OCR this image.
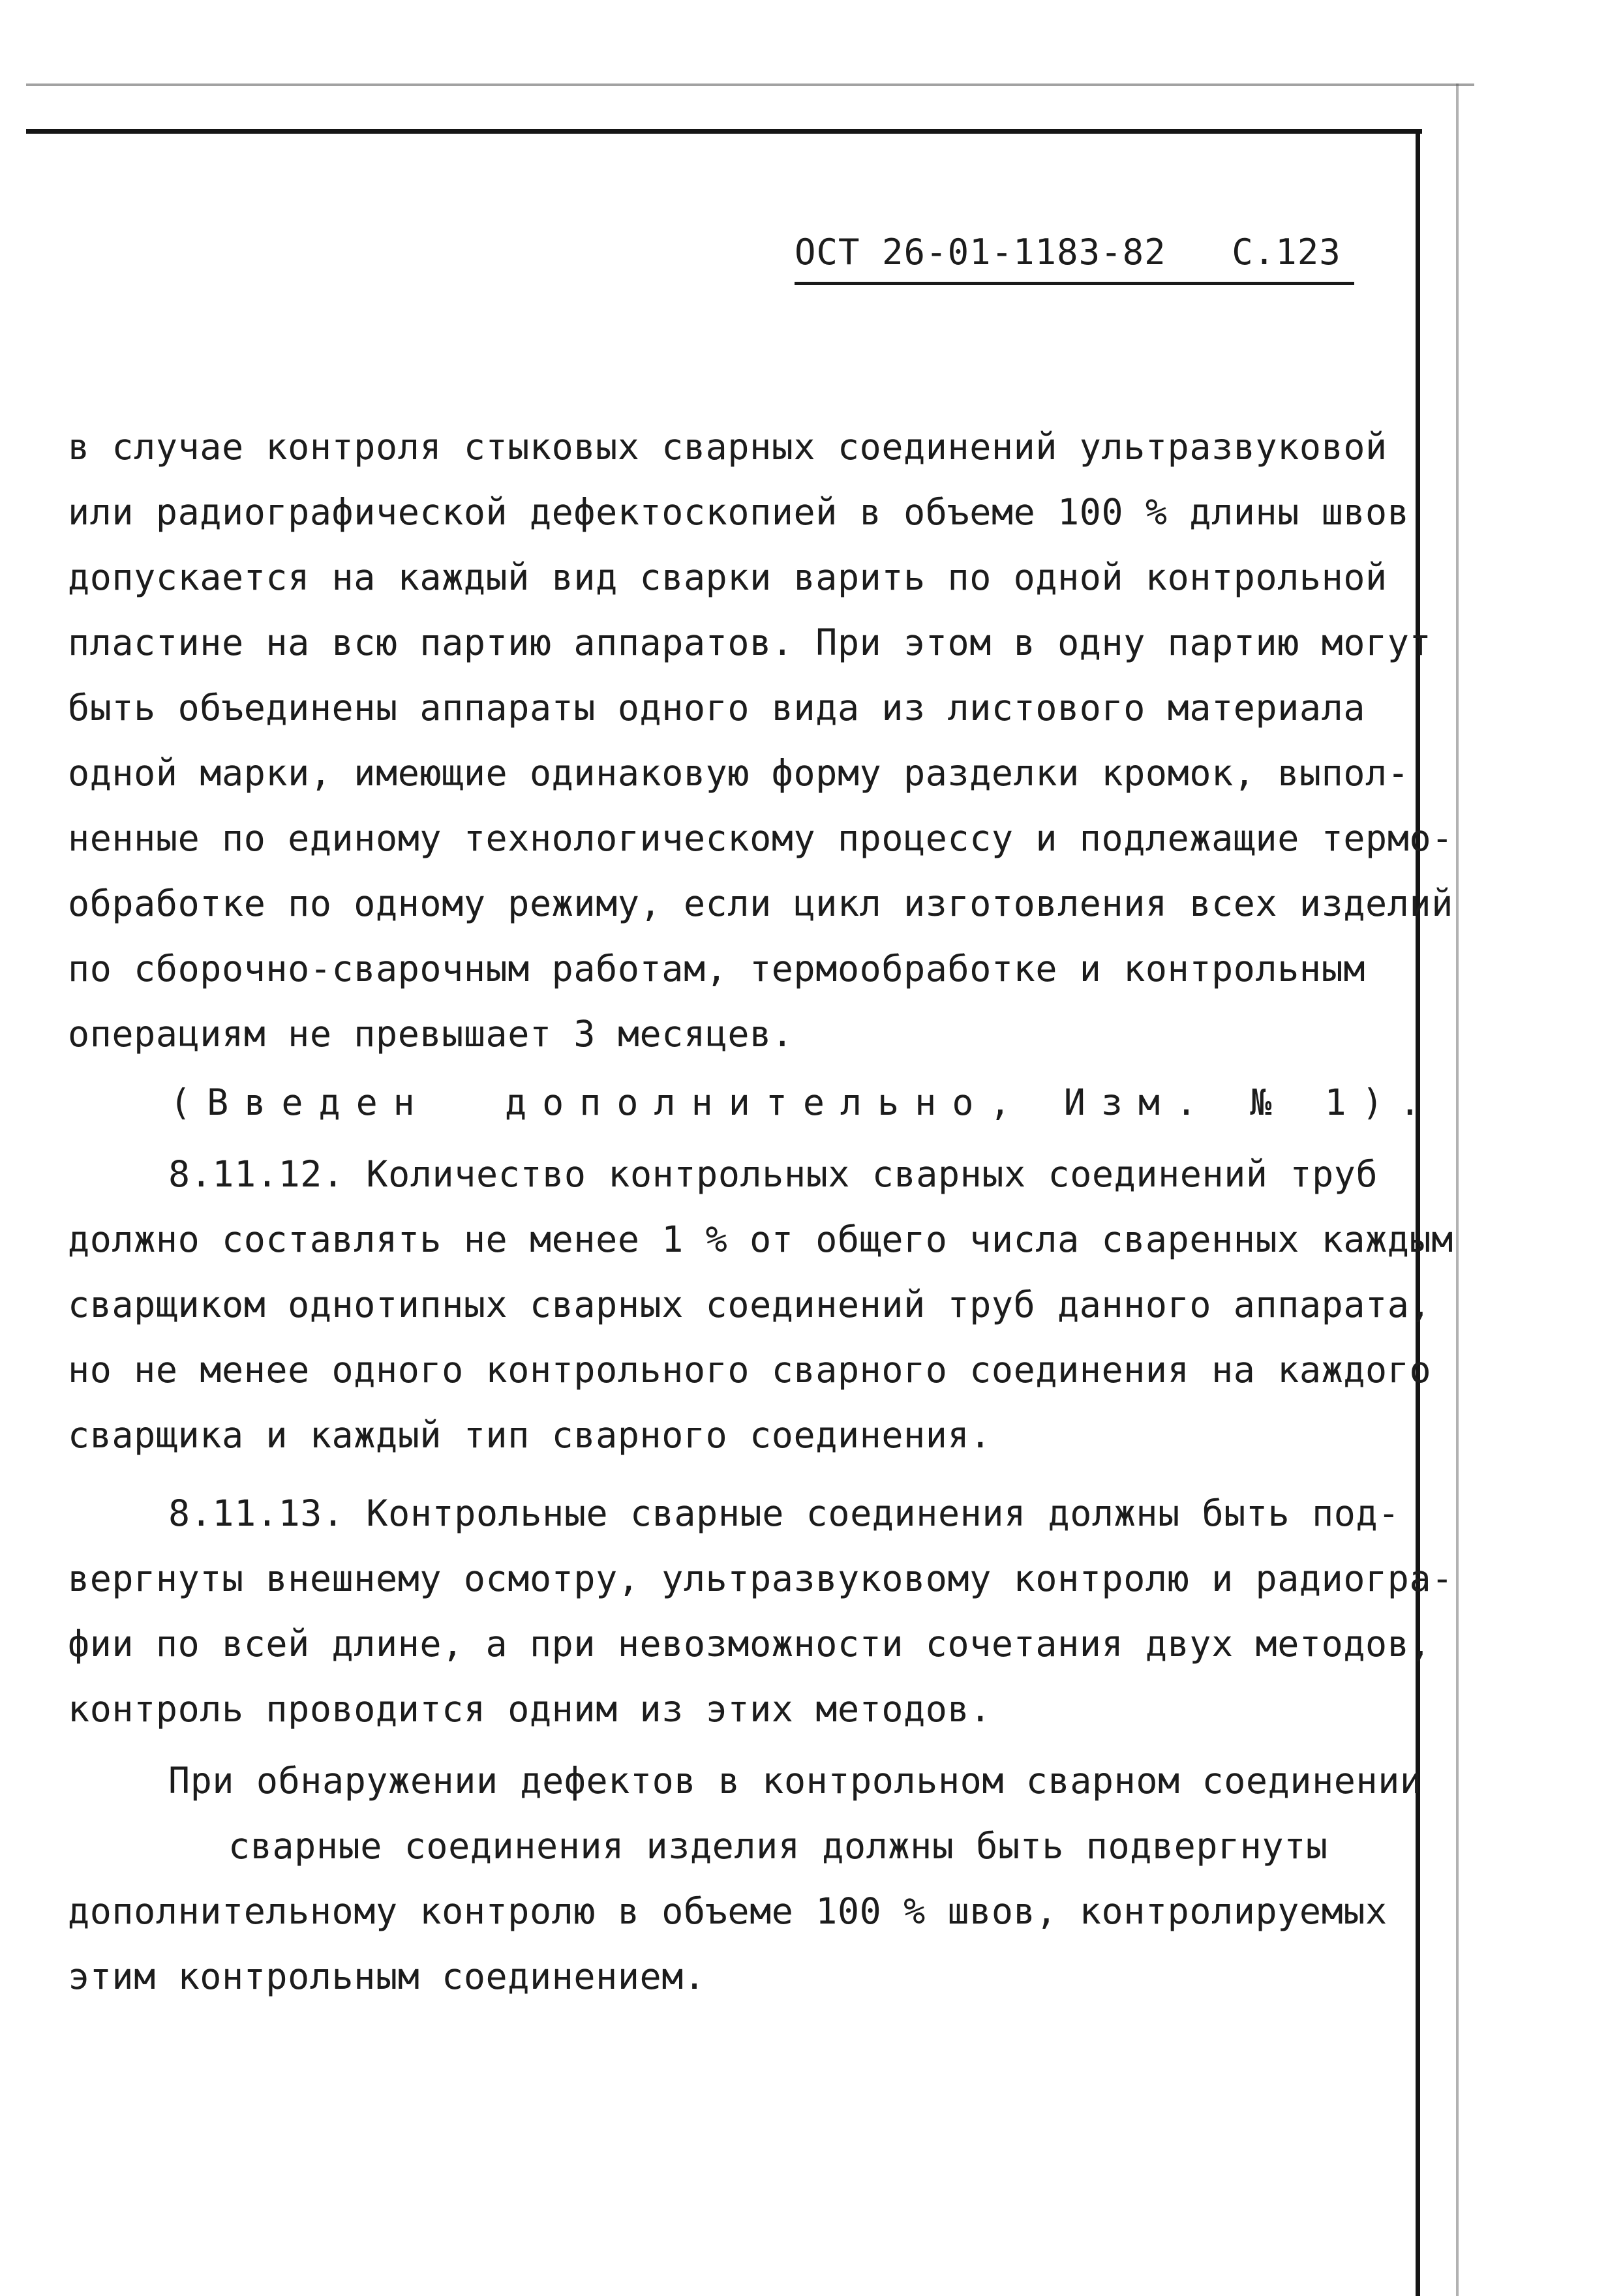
ОСТ 26-01-1183-82 С.123
в случае контроля стыковых сварных соединений ультразвуковой
или радиографической дефектоскопией в объеме 100 % длины швов
допускается на каждый вид сварки варить по одной контрольной
пластине на всю партию аппаратов. При этом в одну партию могут
быть объединены аппараты одного вида из листового материала
одной марки, имеющие одинаковую форму разделки кромок, выпол-
ненные по единому технологическому процессу и подлежащие термо-
обработке по одному режиму, если цикл изготовления всех изделий
по сборочно-сварочным работам, термообработке и контрольным
операциям не превышает 3 месяцев.
(Введен  дополнительно, Изм. № 1).
8.11.12. Количество контрольных сварных соединений труб
должно составлять не менее 1 % от общего числа сваренных каждым
сварщиком однотипных сварных соединений труб данного аппарата,
но не менее одного контрольного сварного соединения на каждого
сварщика и каждый тип сварного соединения.
8.11.13. Контрольные сварные соединения должны быть под-
вергнуты внешнему осмотру, ультразвуковому контролю и радиогра-
фии по всей длине, а при невозможности сочетания двух методов,
контроль проводится одним из этих методов.
При обнаружении дефектов в контрольном сварном соединении
сварные соединения изделия должны быть подвергнуты
дополнительному контролю в объеме 100 % швов, контролируемых
этим контрольным соединением.
